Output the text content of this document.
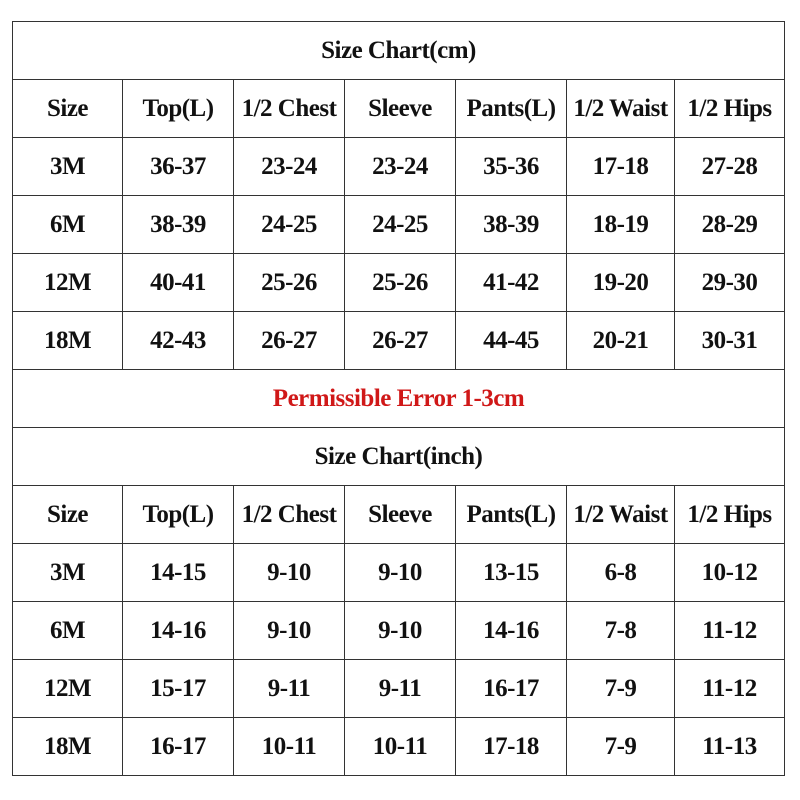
Size Chart(cm)						
Size	Top(L)	1/2 Chest	Sleeve	Pants(L)	1/2 Waist	1/2 Hips
3M	36-37	23-24	23-24	35-36	17-18	27-28
6M	38-39	24-25	24-25	38-39	18-19	28-29
12M	40-41	25-26	25-26	41-42	19-20	29-30
18M	42-43	26-27	26-27	44-45	20-21	30-31
Permissible Error 1-3cm						
Size Chart(inch)						
Size	Top(L)	1/2 Chest	Sleeve	Pants(L)	1/2 Waist	1/2 Hips
3M	14-15	9-10	9-10	13-15	6-8	10-12
6M	14-16	9-10	9-10	14-16	7-8	11-12
12M	15-17	9-11	9-11	16-17	7-9	11-12
18M	16-17	10-11	10-11	17-18	7-9	11-13
